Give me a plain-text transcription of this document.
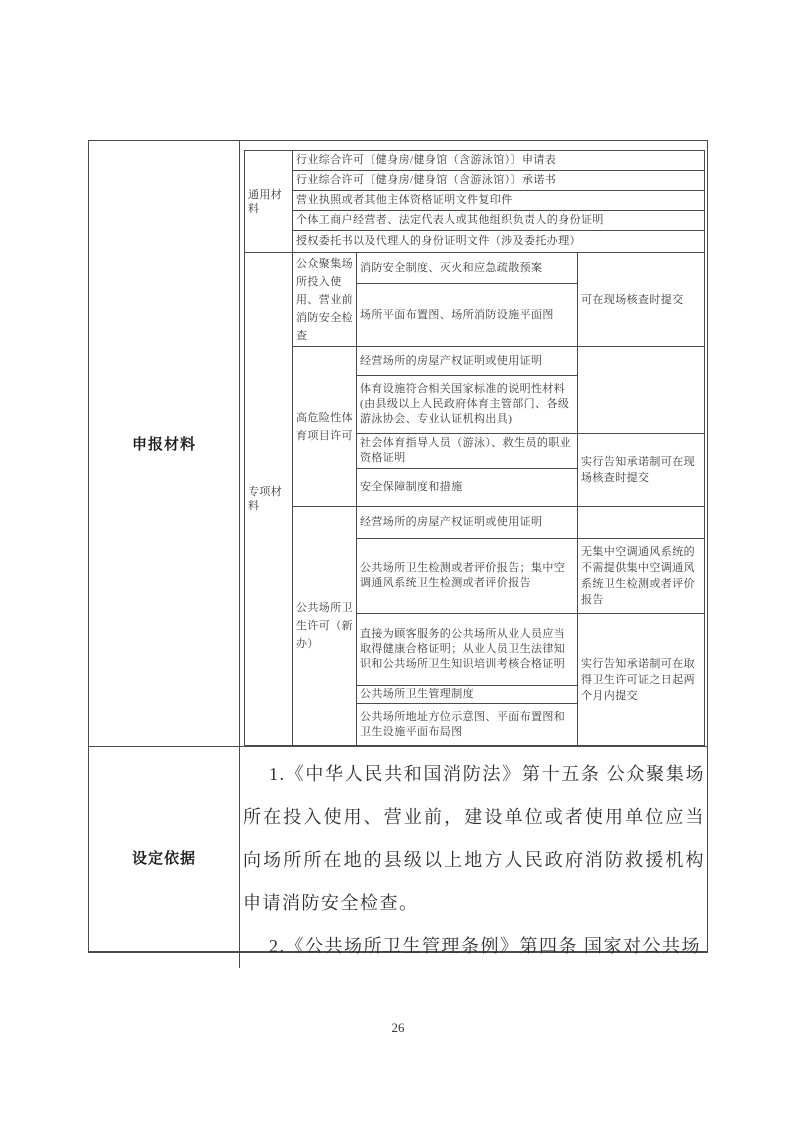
申报材料
通用材料	行业综合许可〔健身房/健身馆（含游泳馆）〕申请表		
	行业综合许可〔健身房/健身馆（含游泳馆）〕承诺书		
	营业执照或者其他主体资格证明文件复印件		
	个体工商户经营者、法定代表人或其他组织负责人的身份证明		
	授权委托书以及代理人的身份证明文件（涉及委托办理）		
专项材料	公众聚集场所投入使用、营业前消防安全检查	消防安全制度、灭火和应急疏散预案	可在现场核查时提交
		场所平面布置图、场所消防设施平面图	
	高危险性体育项目许可	经营场所的房屋产权证明或使用证明	
		体育设施符合相关国家标准的说明性材料(由县级以上人民政府体育主管部门、各级游泳协会、专业认证机构出具)	
		社会体育指导人员（游泳）、救生员的职业资格证明	实行告知承诺制可在现场核查时提交
		安全保障制度和措施	
	公共场所卫生许可（新办）	经营场所的房屋产权证明或使用证明	
		公共场所卫生检测或者评价报告；集中空调通风系统卫生检测或者评价报告	无集中空调通风系统的不需提供集中空调通风系统卫生检测或者评价报告
		直接为顾客服务的公共场所从业人员应当取得健康合格证明；从业人员卫生法律知识和公共场所卫生知识培训考核合格证明	实行告知承诺制可在取得卫生许可证之日起两个月内提交
		公共场所卫生管理制度	
		公共场所地址方位示意图、平面布置图和卫生设施平面布局图	
设定依据

1.《中华人民共和国消防法》第十五条 公众聚集场所在投入使用、营业前，建设单位或者使用单位应当向场所所在地的县级以上地方人民政府消防救援机构申请消防安全检查。

2.《公共场所卫生管理条例》第四条 国家对公共场

26
